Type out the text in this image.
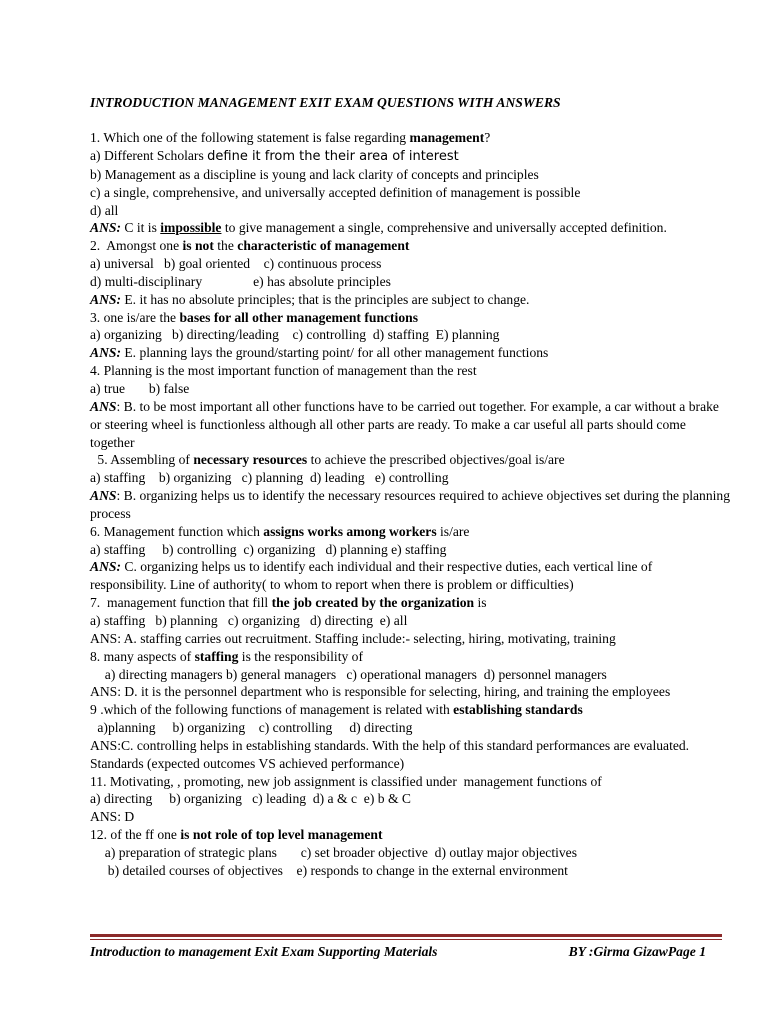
INTRODUCTION MANAGEMENT EXIT EXAM QUESTIONS WITH ANSWERS
1. Which one of the following statement is false regarding management?
a) Different Scholars define it from the their area of interest
b) Management as a discipline is young and lack clarity of concepts and principles
c) a single, comprehensive, and universally accepted definition of management is possible
d) all
ANS: C it is impossible to give management a single, comprehensive and universally accepted definition.
2.  Amongst one is not the characteristic of management
a) universal   b) goal oriented    c) continuous process
d) multi-disciplinary               e) has absolute principles
ANS: E. it has no absolute principles; that is the principles are subject to change.
3. one is/are the bases for all other management functions
a) organizing   b) directing/leading    c) controlling  d) staffing  E) planning
ANS: E. planning lays the ground/starting point/ for all other management functions
4. Planning is the most important function of management than the rest
a) true       b) false
ANS: B. to be most important all other functions have to be carried out together. For example, a car without a brake or steering wheel is functionless although all other parts are ready. To make a car useful all parts should come together
5. Assembling of necessary resources to achieve the prescribed objectives/goal is/are
a) staffing    b) organizing   c) planning  d) leading   e) controlling
ANS: B. organizing helps us to identify the necessary resources required to achieve objectives set during the planning process
6. Management function which assigns works among workers is/are
a) staffing     b) controlling  c) organizing   d) planning e) staffing
ANS: C. organizing helps us to identify each individual and their respective duties, each vertical line of responsibility. Line of authority( to whom to report when there is problem or difficulties)
7.  management function that fill the job created by the organization is
a) staffing   b) planning   c) organizing   d) directing  e) all
ANS: A. staffing carries out recruitment. Staffing include:- selecting, hiring, motivating, training
8. many aspects of staffing is the responsibility of
a) directing managers b) general managers   c) operational managers  d) personnel managers
ANS: D. it is the personnel department who is responsible for selecting, hiring, and training the employees
9 .which of the following functions of management is related with establishing standards
a)planning     b) organizing    c) controlling     d) directing
ANS:C. controlling helps in establishing standards. With the help of this standard performances are evaluated. Standards (expected outcomes VS achieved performance)
11. Motivating, , promoting, new job assignment is classified under  management functions of
a) directing     b) organizing   c) leading  d) a & c  e) b & C
ANS: D
12. of the ff one is not role of top level management
a) preparation of strategic plans       c) set broader objective  d) outlay major objectives
b) detailed courses of objectives    e) responds to change in the external environment
Introduction to management Exit Exam Supporting Materials	BY :Girma GizawPage 1
